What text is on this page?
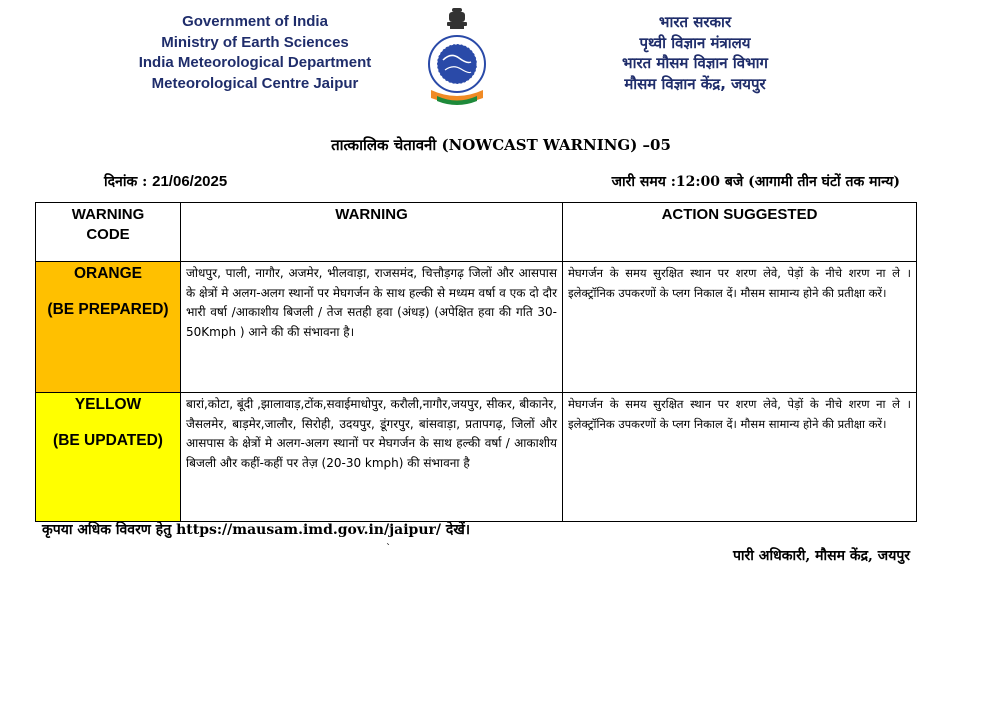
Government of India
Ministry of Earth Sciences
India Meteorological Department
Meteorological Centre Jaipur
भारत सरकार
पृथ्वी विज्ञान मंत्रालय
भारत मौसम विज्ञान विभाग
मौसम विज्ञान केंद्र, जयपुर
तात्कालिक चेतावनी (NOWCAST WARNING) –05
दिनांक : 21/06/2025	जारी समय :12:00 बजे (आगामी तीन घंटों तक मान्य)
WARNING CODE	WARNING	ACTION SUGGESTED

ORANGE
(BE PREPARED)	जोधपुर, पाली, नागौर, अजमेर, भीलवाड़ा, राजसमंद, चित्तौड़गढ़ जिलों और आसपास के क्षेत्रों मे अलग-अलग स्थानों पर मेघगर्जन के साथ हल्की से मध्यम वर्षा व एक दो दौर भारी वर्षा /आकाशीय बिजली / तेज सतही हवा (अंधड़) (अपेक्षित हवा की गति 30-50Kmph ) आने की की संभावना है।	मेघगर्जन के समय सुरक्षित स्थान पर शरण लेवे, पेड़ों के नीचे शरण ना ले । इलेक्ट्रॉनिक उपकरणों के प्लग निकाल दें। मौसम सामान्य होने की प्रतीक्षा करें।

YELLOW
(BE UPDATED)	बारां,कोटा, बूंदी ,झालावाड़,टोंक,सवाईमाधोपुर, करौली,नागौर,जयपुर, सीकर, बीकानेर, जैसलमेर, बाड़मेर,जालौर, सिरोही, उदयपुर, डूंगरपुर, बांसवाड़ा, प्रतापगढ़, जिलों और आसपास के क्षेत्रों मे अलग-अलग स्थानों पर मेघगर्जन के साथ हल्की वर्षा / आकाशीय बिजली और कहीं-कहीं पर तेज़ (20-30 kmph) की संभावना है	मेघगर्जन के समय सुरक्षित स्थान पर शरण लेवे, पेड़ों के नीचे शरण ना ले । इलेक्ट्रॉनिक उपकरणों के प्लग निकाल दें। मौसम सामान्य होने की प्रतीक्षा करें।
कृपया अधिक विवरण हेतु https://mausam.imd.gov.in/jaipur/ देखें।
`	पारी अधिकारी, मौसम केंद्र, जयपुर
